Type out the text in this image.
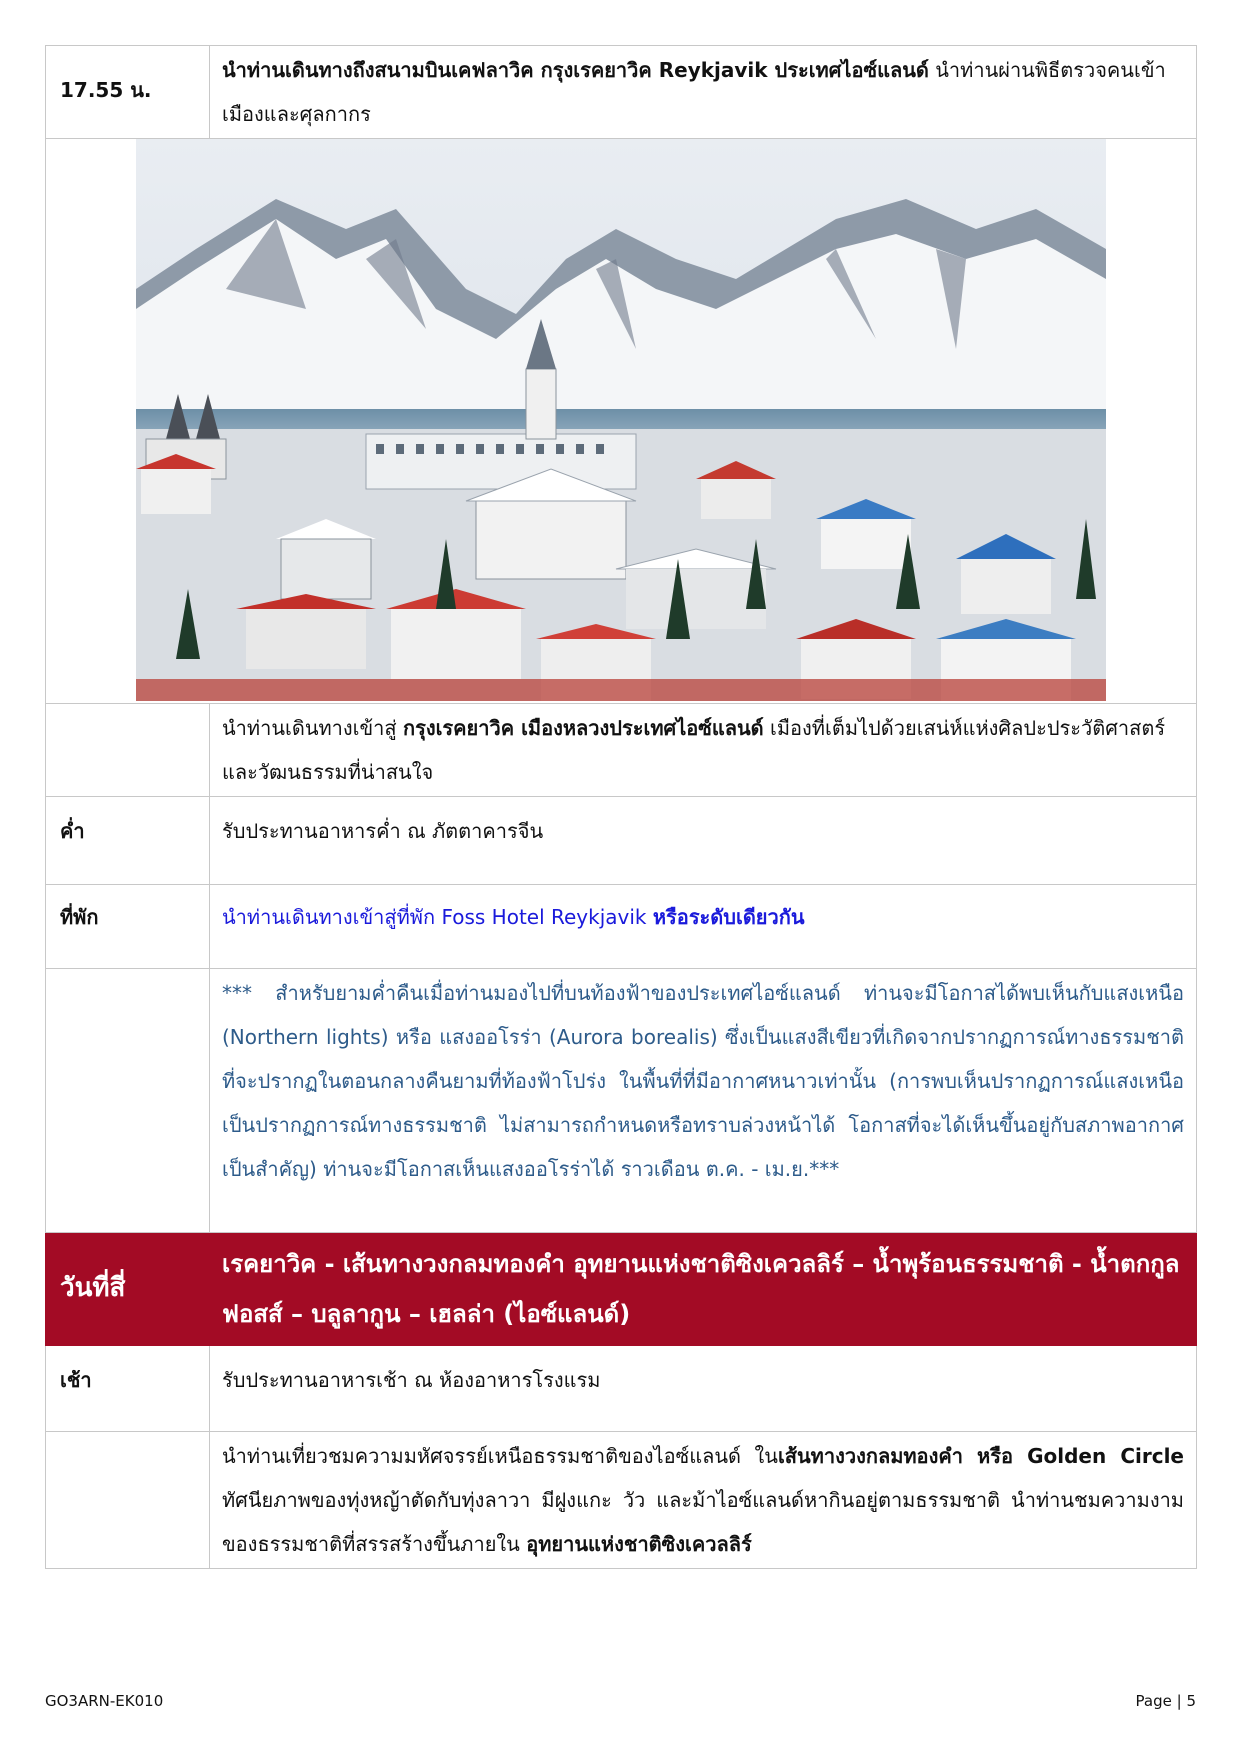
17.55 น.	นำท่านเดินทางถึงสนามบินเคฟลาวิค กรุงเรคยาวิค Reykjavik ประเทศไอซ์แลนด์ นำท่านผ่านพิธีตรวจคนเข้าเมืองและศุลกากร

	นำท่านเดินทางเข้าสู่ กรุงเรคยาวิค เมืองหลวงประเทศไอซ์แลนด์ เมืองที่เต็มไปด้วยเสน่ห์แห่งศิลปะประวัติศาสตร์ และวัฒนธรรมที่น่าสนใจ
ค่ำ	รับประทานอาหารค่ำ ณ ภัตตาคารจีน
ที่พัก	นำท่านเดินทางเข้าสู่ที่พัก Foss Hotel Reykjavik หรือระดับเดียวกัน
	*** สำหรับยามค่ำคืนเมื่อท่านมองไปที่บนท้องฟ้าของประเทศไอซ์แลนด์ ท่านจะมีโอกาสได้พบเห็นกับแสงเหนือ (Northern lights) หรือ แสงออโรร่า (Aurora borealis) ซึ่งเป็นแสงสีเขียวที่เกิดจากปรากฏการณ์ทางธรรมชาติ ที่จะปรากฏในตอนกลางคืนยามที่ท้องฟ้าโปร่ง ในพื้นที่ที่มีอากาศหนาวเท่านั้น (การพบเห็นปรากฏการณ์แสงเหนือ เป็นปรากฏการณ์ทางธรรมชาติ ไม่สามารถกำหนดหรือทราบล่วงหน้าได้ โอกาสที่จะได้เห็นขึ้นอยู่กับสภาพอากาศเป็นสำคัญ) ท่านจะมีโอกาสเห็นแสงออโรร่าได้ ราวเดือน ต.ค. - เม.ย.***
วันที่สี่	เรคยาวิค - เส้นทางวงกลมทองคำ อุทยานแห่งชาติซิงเควลลิร์ – น้ำพุร้อนธรรมชาติ - น้ำตกกูลฟอสส์ – บลูลากูน – เฮลล่า (ไอซ์แลนด์)
เช้า	รับประทานอาหารเช้า ณ ห้องอาหารโรงแรม
	นำท่านเที่ยวชมความมหัศจรรย์เหนือธรรมชาติของไอซ์แลนด์ ในเส้นทางวงกลมทองคำ หรือ Golden Circle ทัศนียภาพของทุ่งหญ้าตัดกับทุ่งลาวา มีฝูงแกะ วัว และม้าไอซ์แลนด์หากินอยู่ตามธรรมชาติ นำท่านชมความงามของธรรมชาติที่สรรสร้างขึ้นภายใน อุทยานแห่งชาติซิงเควลลิร์
GO3ARN-EK010	Page | 5
